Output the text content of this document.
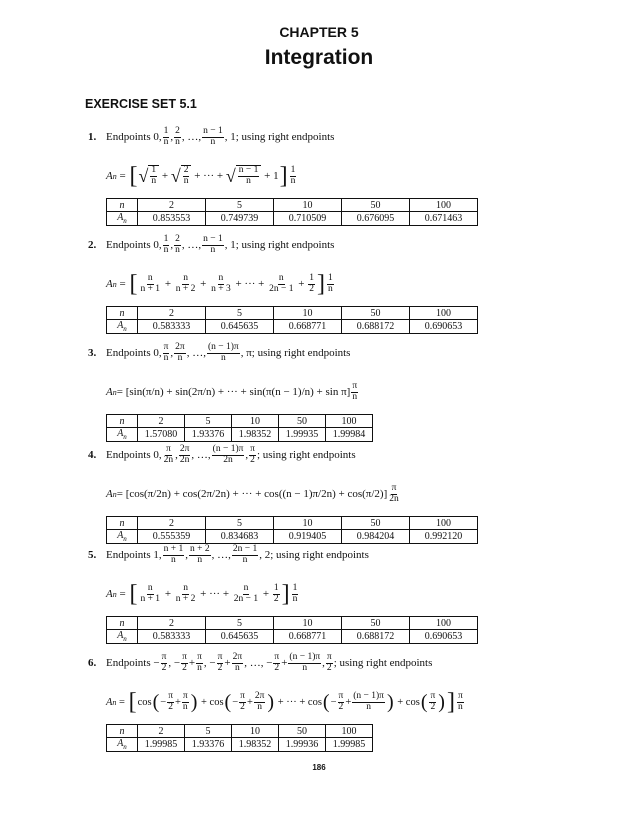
CHAPTER 5
Integration
EXERCISE SET 5.1
1. Endpoints 0, $\frac{1}{n}$ , $\frac{2}{n}$ , …, $\frac{n - 1}{n}$ , 1 ; using right endpoints
A n = [ √ $\frac{1}{n}$ + √ $\frac{2}{n}$ + ··· + √ $\frac{n - 1}{n} + 1$ ] $\frac{1}{n}$
n	2	5	10	50	100
$A_n$	0.853553	0.749739	0.710509	0.676095	0.671463
2. Endpoints 0, $\frac{1}{n}$ , $\frac{2}{n}$ , …, $\frac{n - 1}{n}$ , 1 ; using right endpoints
A n = [ $\frac{n}{n + 1} + \frac{n}{n + 2} + \frac{n}{n + 3}$ + ··· + $\frac{n}{2n - 1} + \frac{1}{2}$ ] $\frac{1}{n}$
n	2	5	10	50	100
$A_n$	0.583333	0.645635	0.668771	0.688172	0.690653
3. Endpoints 0, $\frac{\pi}{n}$ , $\frac{2\pi}{n}$ , …, $\frac{(n - 1)\pi}{n}$ , π ; using right endpoints
A n = [sin(π/n) + sin(2π/n) + ··· + $\sin(\pi(n - 1)/n) + \sin \pi] \frac{\pi}{n}$
n	2	5	10	50	100
$A_n$	1.57080	1.93376	1.98352	1.99935	1.99984
4. Endpoints 0, $\frac{\pi}{2n}$ , $\frac{2\pi}{2n}$ , …, $\frac{(n - 1)\pi}{2n}$ , $\frac{\pi}{2}$ ; using right endpoints
A n = [cos(π/2n) + cos(2π/2n) + ··· + $\cos((n - 1)\pi/2n) + \cos(\pi/2)] \frac{\pi}{2n}$
n	2	5	10	50	100
$A_n$	0.555359	0.834683	0.919405	0.984204	0.992120
5. Endpoints 1, $\frac{n + 1}{n}$ , $\frac{n + 2}{n}$ , …, $\frac{2n - 1}{n}$ , 2 ; using right endpoints
A n = [ $\frac{n}{n + 1} + \frac{n}{n + 2}$ + ··· + $\frac{n}{2n - 1} + \frac{1}{2}$ ] $\frac{1}{n}$
n	2	5	10	50	100
$A_n$	0.583333	0.645635	0.668771	0.688172	0.690653
6. Endpoints − $\frac{\pi}{2}$ , − $\frac{\pi}{2} + \frac{\pi}{n}$ , − $\frac{\pi}{2} + \frac{2\pi}{n}$ , …, − $\frac{\pi}{2} + \frac{(n - 1)\pi}{n}$ , $\frac{\pi}{2}$ ; using right endpoints
A n = [ cos ( − $\frac{\pi}{2} + \frac{\pi}{n}$ ) + cos ( − $\frac{\pi}{2} + \frac{2\pi}{n}$ ) + ··· + cos ( − $\frac{\pi}{2} + \frac{(n - 1)\pi}{n}$ ) + cos ( $\frac{\pi}{2}$ ) ] $\frac{\pi}{n}$
n	2	5	10	50	100
$A_n$	1.99985	1.93376	1.98352	1.99936	1.99985
186
